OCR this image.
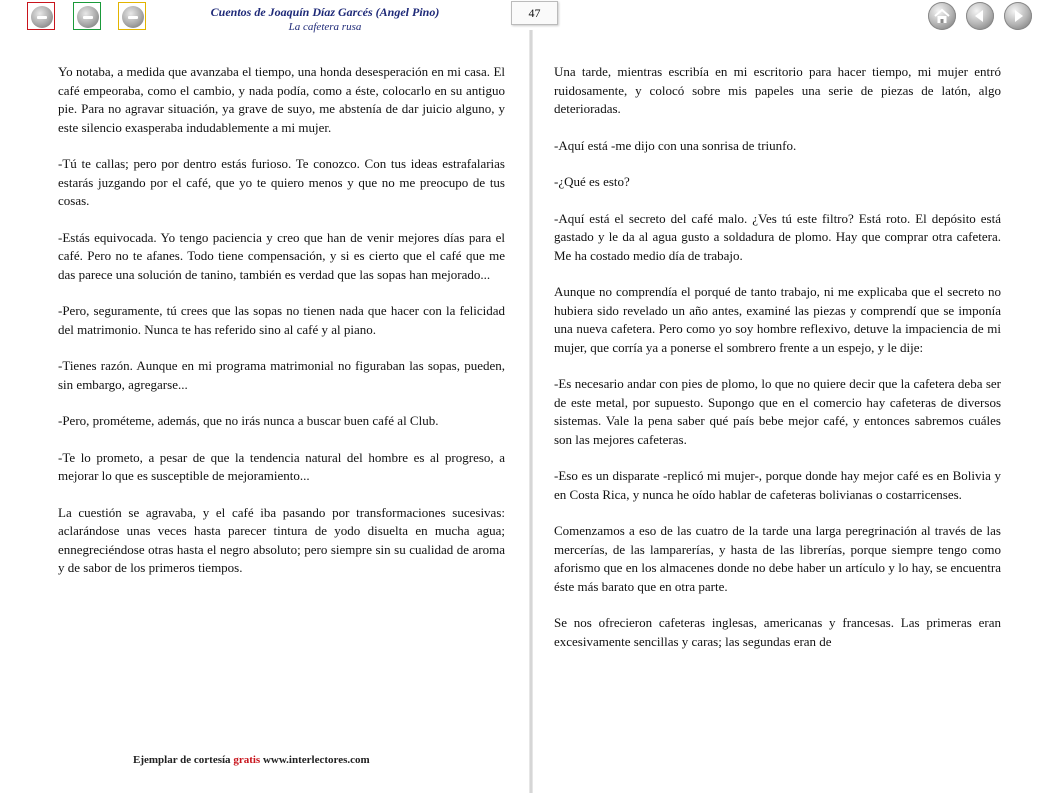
Cuentos de Joaquín Díaz Garcés (Angel Pino)
La cafetera rusa
47

Yo notaba, a medida que avanzaba el tiempo, una honda desesperación en mi casa. El café empeoraba, como el cambio, y nada podía, como a éste, colocarlo en su antiguo pie. Para no agravar situación, ya grave de suyo, me abstenía de dar juicio alguno, y este silencio exasperaba indudablemente a mi mujer.

-Tú te callas; pero por dentro estás furioso. Te conozco. Con tus ideas estrafalarias estarás juzgando por el café, que yo te quiero menos y que no me preocupo de tus cosas.

-Estás equivocada. Yo tengo paciencia y creo que han de venir mejores días para el café. Pero no te afanes. Todo tiene compensación, y si es cierto que el café que me das parece una solución de tanino, también es verdad que las sopas han mejorado...

-Pero, seguramente, tú crees que las sopas no tienen nada que hacer con la felicidad del matrimonio. Nunca te has referido sino al café y al piano.

-Tienes razón. Aunque en mi programa matrimonial no figuraban las sopas, pueden, sin embargo, agregarse...

-Pero, prométeme, además, que no irás nunca a buscar buen café al Club.

-Te lo prometo, a pesar de que la tendencia natural del hombre es al progreso, a mejorar lo que es susceptible de mejoramiento...

La cuestión se agravaba, y el café iba pasando por transformaciones sucesivas: aclarándose unas veces hasta parecer tintura de yodo disuelta en mucha agua; ennegreciéndose otras hasta el negro absoluto; pero siempre sin su cualidad de aroma y de sabor de los primeros tiempos.

Una tarde, mientras escribía en mi escritorio para hacer tiempo, mi mujer entró ruidosamente, y colocó sobre mis papeles una serie de piezas de latón, algo deterioradas.

-Aquí está -me dijo con una sonrisa de triunfo.

-¿Qué es esto?

-Aquí está el secreto del café malo. ¿Ves tú este filtro? Está roto. El depósito está gastado y le da al agua gusto a soldadura de plomo. Hay que comprar otra cafetera. Me ha costado medio día de trabajo.

Aunque no comprendía el porqué de tanto trabajo, ni me explicaba que el secreto no hubiera sido revelado un año antes, examiné las piezas y comprendí que se imponía una nueva cafetera. Pero como yo soy hombre reflexivo, detuve la impaciencia de mi mujer, que corría ya a ponerse el sombrero frente a un espejo, y le dije:

-Es necesario andar con pies de plomo, lo que no quiere decir que la cafetera deba ser de este metal, por supuesto. Supongo que en el comercio hay cafeteras de diversos sistemas. Vale la pena saber qué país bebe mejor café, y entonces sabremos cuáles son las mejores cafeteras.

-Eso es un disparate -replicó mi mujer-, porque donde hay mejor café es en Bolivia y en Costa Rica, y nunca he oído hablar de cafeteras bolivianas o costarricenses.

Comenzamos a eso de las cuatro de la tarde una larga peregrinación al través de las mercerías, de las lamparerías, y hasta de las librerías, porque siempre tengo como aforismo que en los almacenes donde no debe haber un artículo y lo hay, se encuentra éste más barato que en otra parte.

Se nos ofrecieron cafeteras inglesas, americanas y francesas. Las primeras eran excesivamente sencillas y caras; las segundas eran de

Ejemplar de cortesía gratis www.interlectores.com
